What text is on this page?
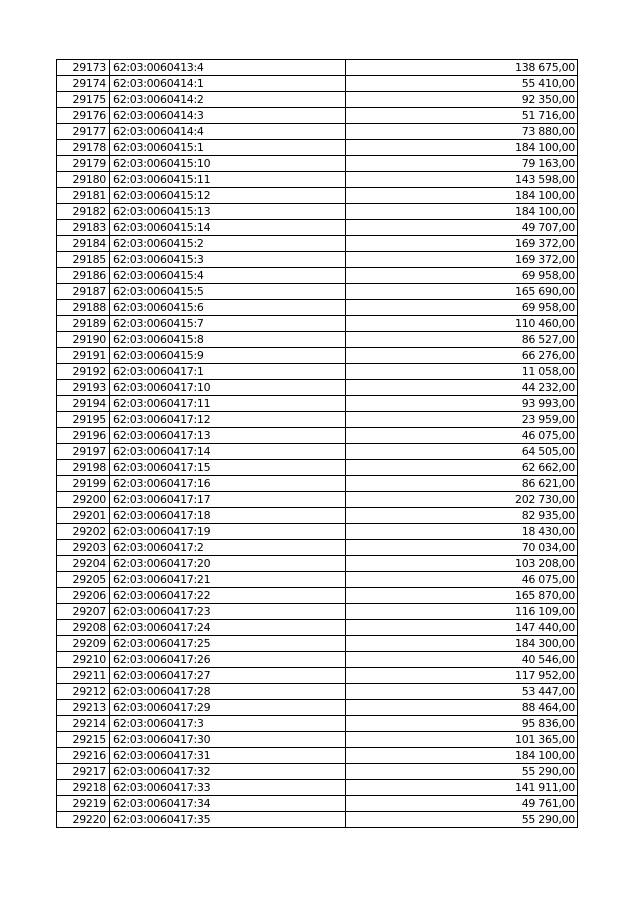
29173	62:03:0060413:4	138 675,00
29174	62:03:0060414:1	55 410,00
29175	62:03:0060414:2	92 350,00
29176	62:03:0060414:3	51 716,00
29177	62:03:0060414:4	73 880,00
29178	62:03:0060415:1	184 100,00
29179	62:03:0060415:10	79 163,00
29180	62:03:0060415:11	143 598,00
29181	62:03:0060415:12	184 100,00
29182	62:03:0060415:13	184 100,00
29183	62:03:0060415:14	49 707,00
29184	62:03:0060415:2	169 372,00
29185	62:03:0060415:3	169 372,00
29186	62:03:0060415:4	69 958,00
29187	62:03:0060415:5	165 690,00
29188	62:03:0060415:6	69 958,00
29189	62:03:0060415:7	110 460,00
29190	62:03:0060415:8	86 527,00
29191	62:03:0060415:9	66 276,00
29192	62:03:0060417:1	11 058,00
29193	62:03:0060417:10	44 232,00
29194	62:03:0060417:11	93 993,00
29195	62:03:0060417:12	23 959,00
29196	62:03:0060417:13	46 075,00
29197	62:03:0060417:14	64 505,00
29198	62:03:0060417:15	62 662,00
29199	62:03:0060417:16	86 621,00
29200	62:03:0060417:17	202 730,00
29201	62:03:0060417:18	82 935,00
29202	62:03:0060417:19	18 430,00
29203	62:03:0060417:2	70 034,00
29204	62:03:0060417:20	103 208,00
29205	62:03:0060417:21	46 075,00
29206	62:03:0060417:22	165 870,00
29207	62:03:0060417:23	116 109,00
29208	62:03:0060417:24	147 440,00
29209	62:03:0060417:25	184 300,00
29210	62:03:0060417:26	40 546,00
29211	62:03:0060417:27	117 952,00
29212	62:03:0060417:28	53 447,00
29213	62:03:0060417:29	88 464,00
29214	62:03:0060417:3	95 836,00
29215	62:03:0060417:30	101 365,00
29216	62:03:0060417:31	184 100,00
29217	62:03:0060417:32	55 290,00
29218	62:03:0060417:33	141 911,00
29219	62:03:0060417:34	49 761,00
29220	62:03:0060417:35	55 290,00
